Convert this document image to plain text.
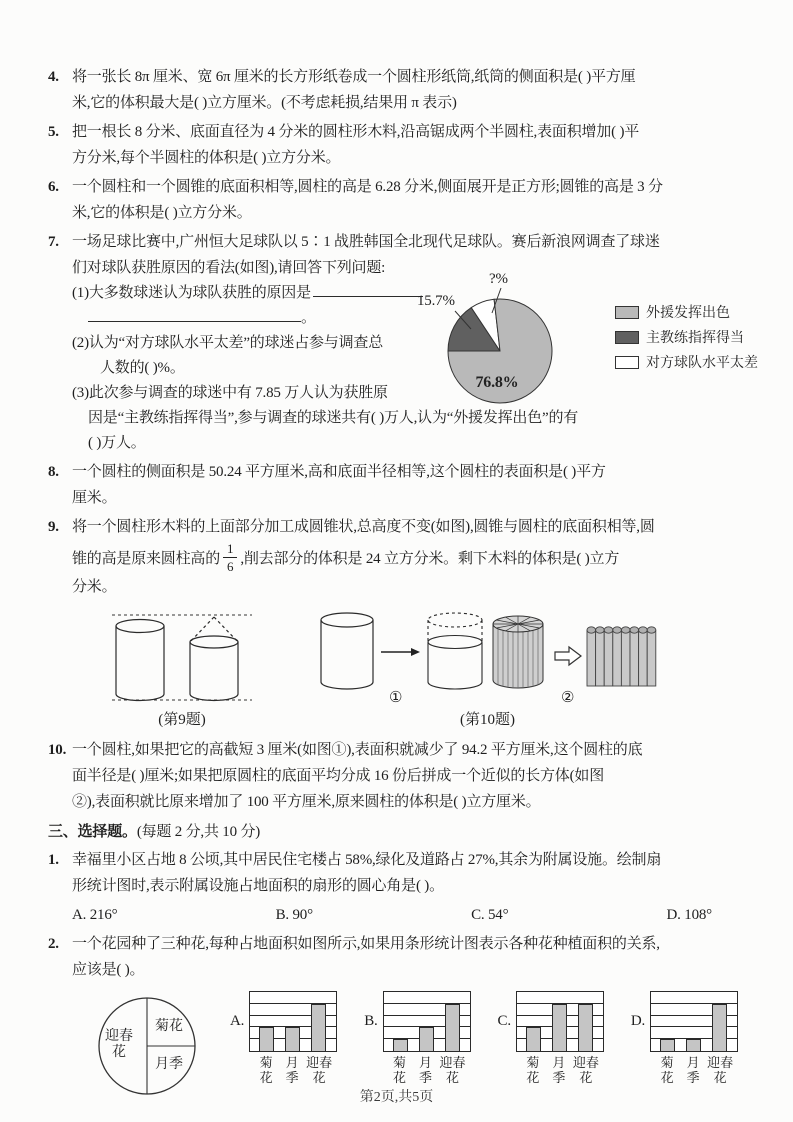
4. 将一张长 8π 厘米、宽 6π 厘米的长方形纸卷成一个圆柱形纸筒,纸筒的侧面积是( )平方厘
米,它的体积最大是( )立方厘米。(不考虑耗损,结果用 π 表示)
5. 把一根长 8 分米、底面直径为 4 分米的圆柱形木料,沿高锯成两个半圆柱,表面积增加( )平
方分米,每个半圆柱的体积是( )立方分米。
6. 一个圆柱和一个圆锥的底面积相等,圆柱的高是 6.28 分米,侧面展开是正方形;圆锥的高是 3 分
米,它的体积是( )立方分米。
7. 一场足球比赛中,广州恒大足球队以 5∶1 战胜韩国全北现代足球队。赛后新浪网调查了球迷
们对球队获胜原因的看法(如图),请回答下列问题:
(1)大多数球迷认为球队获胜的原因是
。
(2)认为“对方球队水平太差”的球迷占参与调查总
人数的( )%。
(3)此次参与调查的球迷中有 7.85 万人认为获胜原
因是“主教练指挥得当”,参与调查的球迷共有( )万人,认为“外援发挥出色”的有
( )万人。
15.7%
?%
76.8%
外援发挥出色
主教练指挥得当
对方球队水平太差
8. 一个圆柱的侧面积是 50.24 平方厘米,高和底面半径相等,这个圆柱的表面积是( )平方
厘米。
9. 将一个圆柱形木料的上面部分加工成圆锥状,总高度不变(如图),圆锥与圆柱的底面积相等,圆
锥的高是原来圆柱高的 $\frac{1}{6}$ ,削去部分的体积是 24 立方分米。剩下木料的体积是( )立方
分米。
(第9题)
①	②
(第10题)
10. 一个圆柱,如果把它的高截短 3 厘米(如图①),表面积就减少了 94.2 平方厘米,这个圆柱的底
面半径是( )厘米;如果把原圆柱的底面平均分成 16 份后拼成一个近似的长方体(如图
②),表面积就比原来增加了 100 平方厘米,原来圆柱的体积是( )立方厘米。
三、选择题。(每题 2 分,共 10 分)
1. 幸福里小区占地 8 公顷,其中居民住宅楼占 58%,绿化及道路占 27%,其余为附属设施。绘制扇
形统计图时,表示附属设施占地面积的扇形的圆心角是( )。
A. 216°	B. 90°	C. 54°	D. 108°
2. 一个花园种了三种花,每种占地面积如图所示,如果用条形统计图表示各种花种植面积的关系,
应该是( )。
迎春花
菊花
月季
A.
菊
花
月
季
迎春
花
B.
菊
花
月
季
迎春
花
C.
菊
花
月
季
迎春
花
D.
菊
花
月
季
迎春
花
第2页,共5页
